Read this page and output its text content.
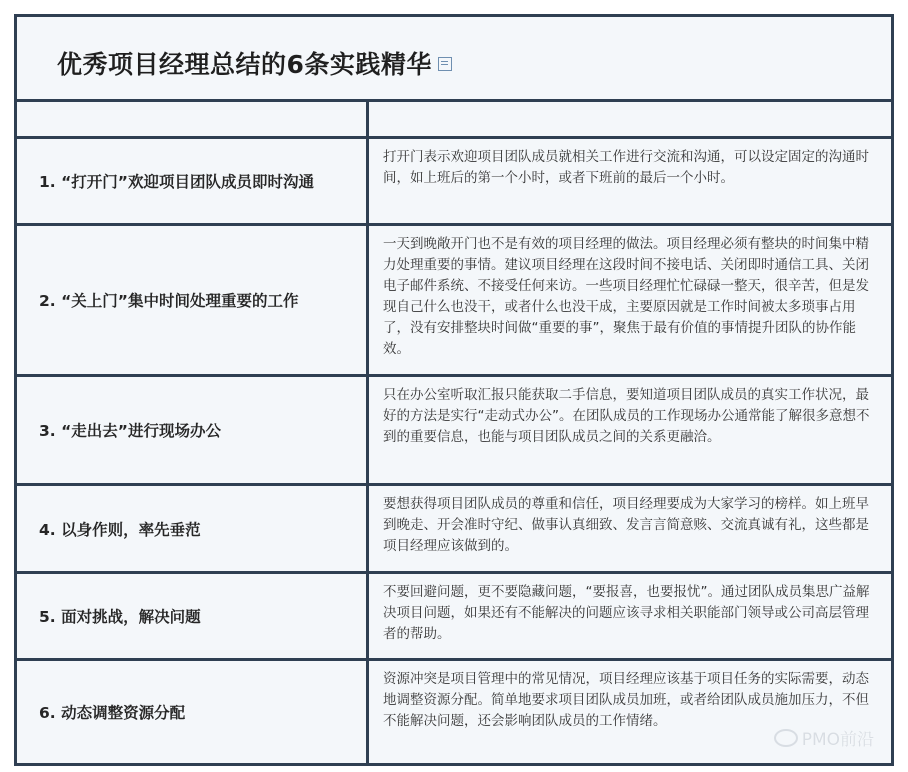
优秀项目经理总结的6条实践精华
1. “打开门”欢迎项目团队成员即时沟通
打开门表示欢迎项目团队成员就相关工作进行交流和沟通，可以设定固定的沟通时间，如上班后的第一个小时，或者下班前的最后一个小时。
2. “关上门”集中时间处理重要的工作
一天到晚敞开门也不是有效的项目经理的做法。项目经理必须有整块的时间集中精力处理重要的事情。建议项目经理在这段时间不接电话、关闭即时通信工具、关闭电子邮件系统、不接受任何来访。一些项目经理忙忙碌碌一整天，很辛苦，但是发现自己什么也没干，或者什么也没干成，主要原因就是工作时间被太多琐事占用了，没有安排整块时间做“重要的事”，聚焦于最有价值的事情提升团队的协作能效。
3. “走出去”进行现场办公
只在办公室听取汇报只能获取二手信息，要知道项目团队成员的真实工作状况，最好的方法是实行“走动式办公”。在团队成员的工作现场办公通常能了解很多意想不到的重要信息，也能与项目团队成员之间的关系更融洽。
4. 以身作则，率先垂范
要想获得项目团队成员的尊重和信任，项目经理要成为大家学习的榜样。如上班早到晚走、开会准时守纪、做事认真细致、发言言简意赅、交流真诚有礼，这些都是项目经理应该做到的。
5. 面对挑战，解决问题
不要回避问题，更不要隐藏问题，“要报喜，也要报忧”。通过团队成员集思广益解决项目问题，如果还有不能解决的问题应该寻求相关职能部门领导或公司高层管理者的帮助。
6. 动态调整资源分配
资源冲突是项目管理中的常见情况，项目经理应该基于项目任务的实际需要，动态地调整资源分配。简单地要求项目团队成员加班，或者给团队成员施加压力，不但不能解决问题，还会影响团队成员的工作情绪。
PMO前沿
